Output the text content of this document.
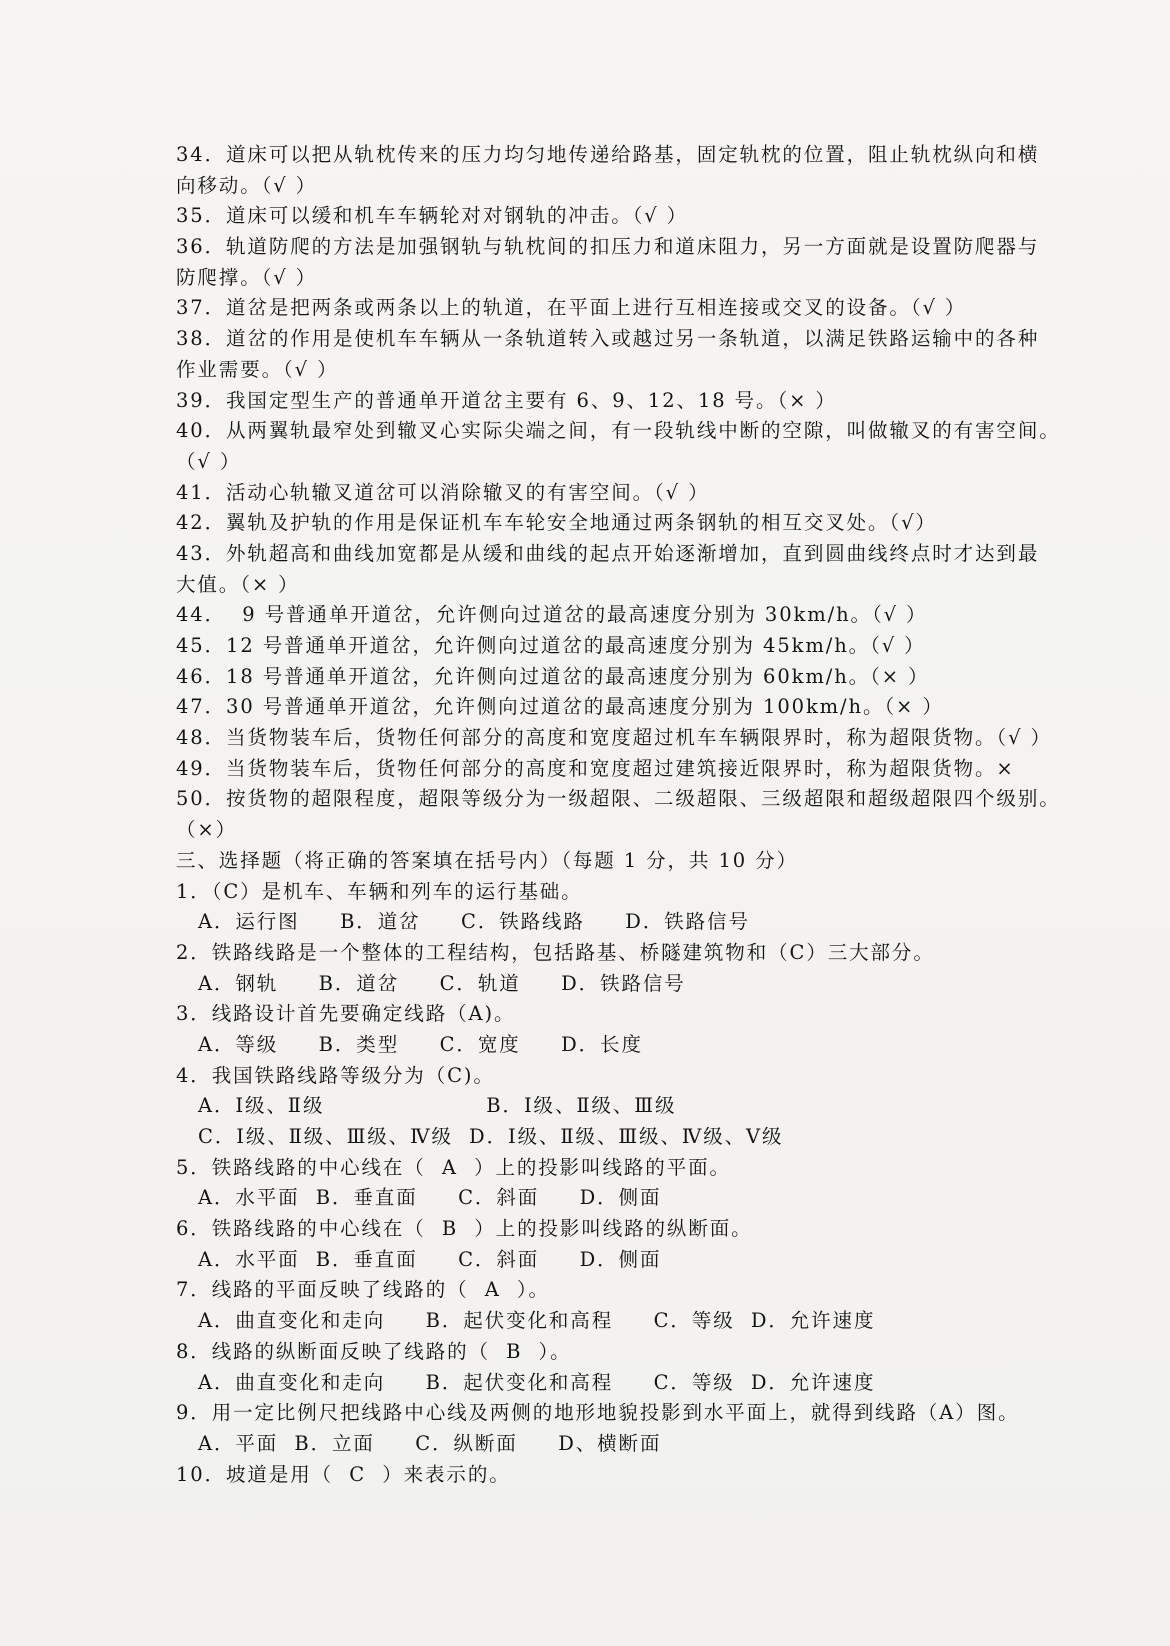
34．道床可以把从轨枕传来的压力均匀地传递给路基，固定轨枕的位置，阻止轨枕纵向和横
向移动。（√ ）
35．道床可以缓和机车车辆轮对对钢轨的冲击。（√ ）
36．轨道防爬的方法是加强钢轨与轨枕间的扣压力和道床阻力，另一方面就是设置防爬器与
防爬撑。（√ ）
37．道岔是把两条或两条以上的轨道，在平面上进行互相连接或交叉的设备。（√ ）
38．道岔的作用是使机车车辆从一条轨道转入或越过另一条轨道，以满足铁路运输中的各种
作业需要。（√ ）
39．我国定型生产的普通单开道岔主要有 6、9、12、18 号。（× ）
40．从两翼轨最窄处到辙叉心实际尖端之间，有一段轨线中断的空隙，叫做辙叉的有害空间。
（√ ）
41．活动心轨辙叉道岔可以消除辙叉的有害空间。（√ ）
42．翼轨及护轨的作用是保证机车车轮安全地通过两条钢轨的相互交叉处。（√）
43．外轨超高和曲线加宽都是从缓和曲线的起点开始逐渐增加，直到圆曲线终点时才达到最
大值。（× ）
44．  9 号普通单开道岔，允许侧向过道岔的最高速度分别为 30km/h。（√ ）
45．12 号普通单开道岔，允许侧向过道岔的最高速度分别为 45km/h。（√ ）
46．18 号普通单开道岔，允许侧向过道岔的最高速度分别为 60km/h。（× ）
47．30 号普通单开道岔，允许侧向过道岔的最高速度分别为 100km/h。（× ）
48．当货物装车后，货物任何部分的高度和宽度超过机车车辆限界时，称为超限货物。（√ ）
49．当货物装车后，货物任何部分的高度和宽度超过建筑接近限界时，称为超限货物。×
50．按货物的超限程度，超限等级分为一级超限、二级超限、三级超限和超级超限四个级别。
（×）
三、选择题（将正确的答案填在括号内）（每题 1 分，共 10 分）
1．（C）是机车、车辆和列车的运行基础。
A．运行图     B．道岔     C．铁路线路     D．铁路信号
2．铁路线路是一个整体的工程结构，包括路基、桥隧建筑物和（C）三大部分。
A．钢轨     B．道岔     C．轨道     D．铁路信号
3．线路设计首先要确定线路（A)。
A．等级     B．类型     C．宽度     D．长度
4．我国铁路线路等级分为（C)。
A．Ⅰ级、Ⅱ级                    B．Ⅰ级、Ⅱ级、Ⅲ级
C．Ⅰ级、Ⅱ级、Ⅲ级、Ⅳ级  D．Ⅰ级、Ⅱ级、Ⅲ级、Ⅳ级、Ⅴ级
5．铁路线路的中心线在（  A  ）上的投影叫线路的平面。
A．水平面  B．垂直面     C．斜面     D．侧面
6．铁路线路的中心线在（  B  ）上的投影叫线路的纵断面。
A．水平面  B．垂直面     C．斜面     D．侧面
7．线路的平面反映了线路的（  A  ）。
A．曲直变化和走向     B．起伏变化和高程     C．等级  D．允许速度
8．线路的纵断面反映了线路的（  B  ）。
A．曲直变化和走向     B．起伏变化和高程     C．等级  D．允许速度
9．用一定比例尺把线路中心线及两侧的地形地貌投影到水平面上，就得到线路（A）图。
A．平面  B．立面     C．纵断面     D、横断面
10．坡道是用（  C  ）来表示的。
